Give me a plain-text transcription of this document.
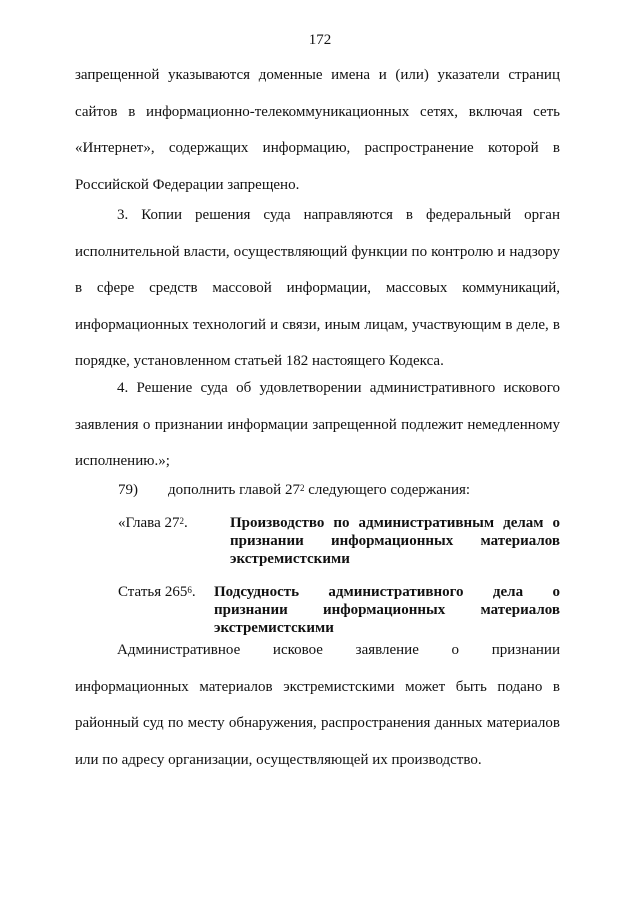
172

запрещенной указываются доменные имена и (или) указатели страниц сайтов в информационно-телекоммуникационных сетях, включая сеть «Интернет», содержащих информацию, распространение которой в Российской Федерации запрещено.

3. Копии решения суда направляются в федеральный орган исполнительной власти, осуществляющий функции по контролю и надзору в сфере средств массовой информации, массовых коммуникаций, информационных технологий и связи, иным лицам, участвующим в деле, в порядке, установленном статьей 182 настоящего Кодекса.

4. Решение суда об удовлетворении административного искового заявления о признании информации запрещенной подлежит немедленному исполнению.»;

79) дополнить главой $27^2$ следующего содержания:
«Глава $27^2$.	Производство по административным делам о признании информационных материалов экстремистскими
Статья $265^6$. Подсудность административного дела о признании информационных материалов экстремистскими

Административное исковое заявление о признании информационных материалов экстремистскими может быть подано в районный суд по месту обнаружения, распространения данных материалов или по адресу организации, осуществляющей их производство.
